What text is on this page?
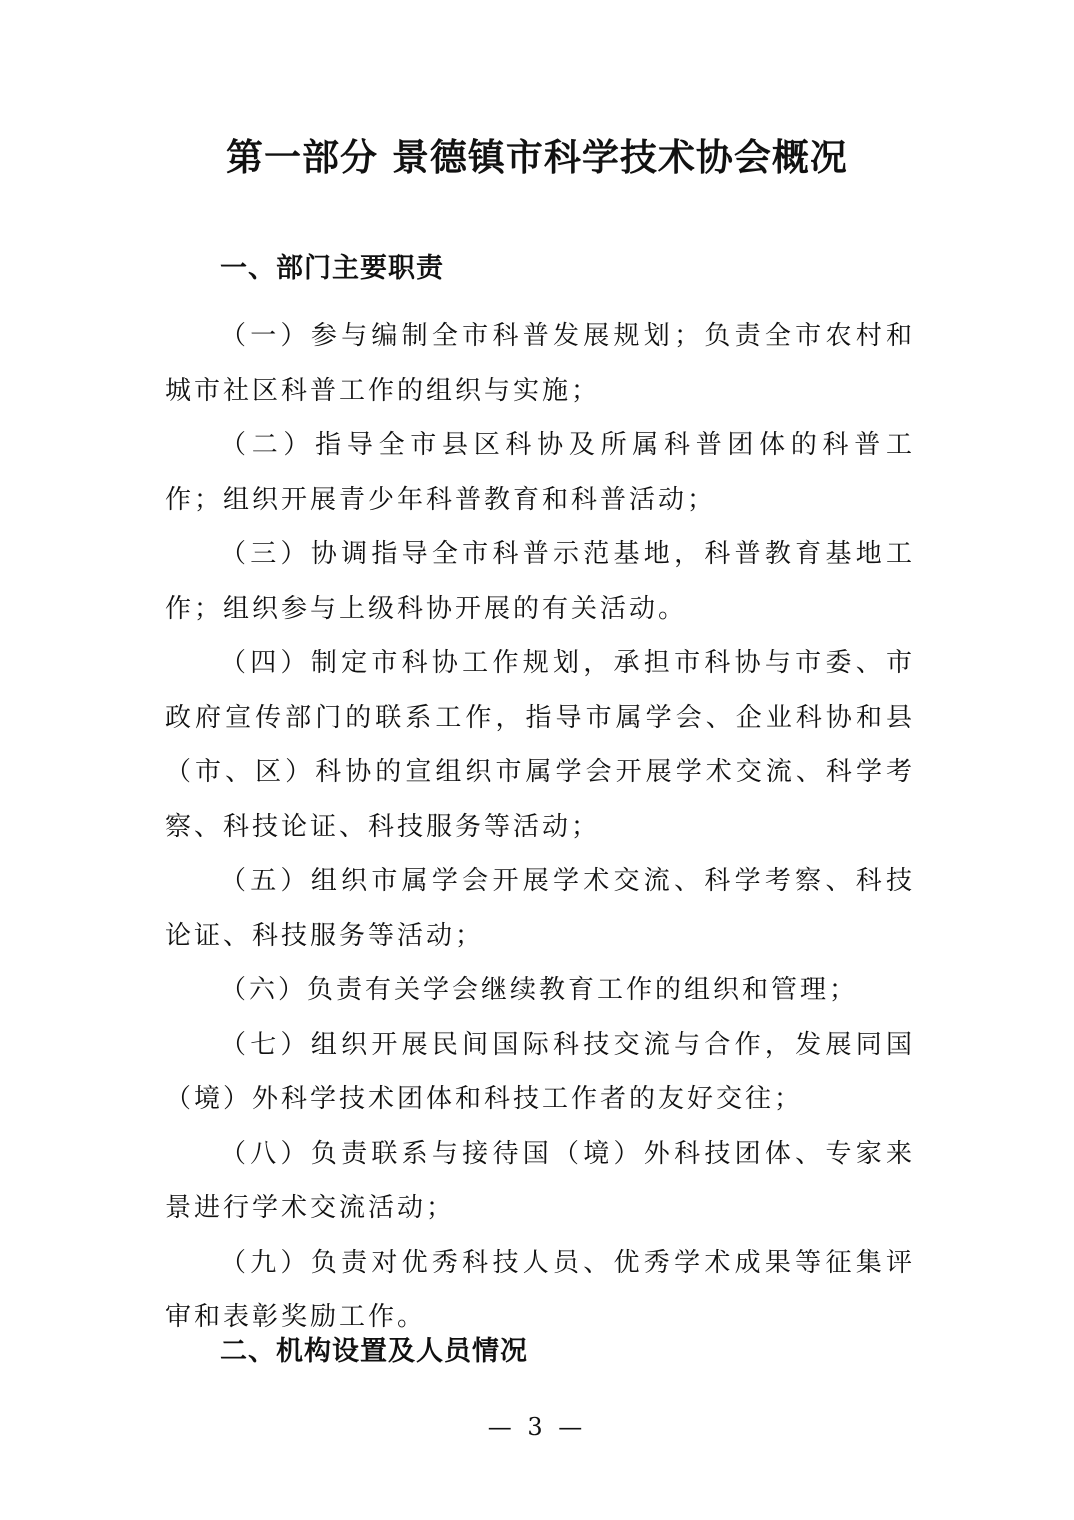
第一部分 景德镇市科学技术协会概况
一、部门主要职责

（一）参与编制全市科普发展规划；负责全市农村和城市社区科普工作的组织与实施；

（二）指导全市县区科协及所属科普团体的科普工作；组织开展青少年科普教育和科普活动；

（三）协调指导全市科普示范基地，科普教育基地工作；组织参与上级科协开展的有关活动。

（四）制定市科协工作规划，承担市科协与市委、市政府宣传部门的联系工作，指导市属学会、企业科协和县（市、区）科协的宣组织市属学会开展学术交流、科学考察、科技论证、科技服务等活动；

（五）组织市属学会开展学术交流、科学考察、科技论证、科技服务等活动；

（六）负责有关学会继续教育工作的组织和管理；

（七）组织开展民间国际科技交流与合作，发展同国（境）外科学技术团体和科技工作者的友好交往；

（八）负责联系与接待国（境）外科技团体、专家来景进行学术交流活动；

（九）负责对优秀科技人员、优秀学术成果等征集评审和表彰奖励工作。

二、机构设置及人员情况
— 3 —
